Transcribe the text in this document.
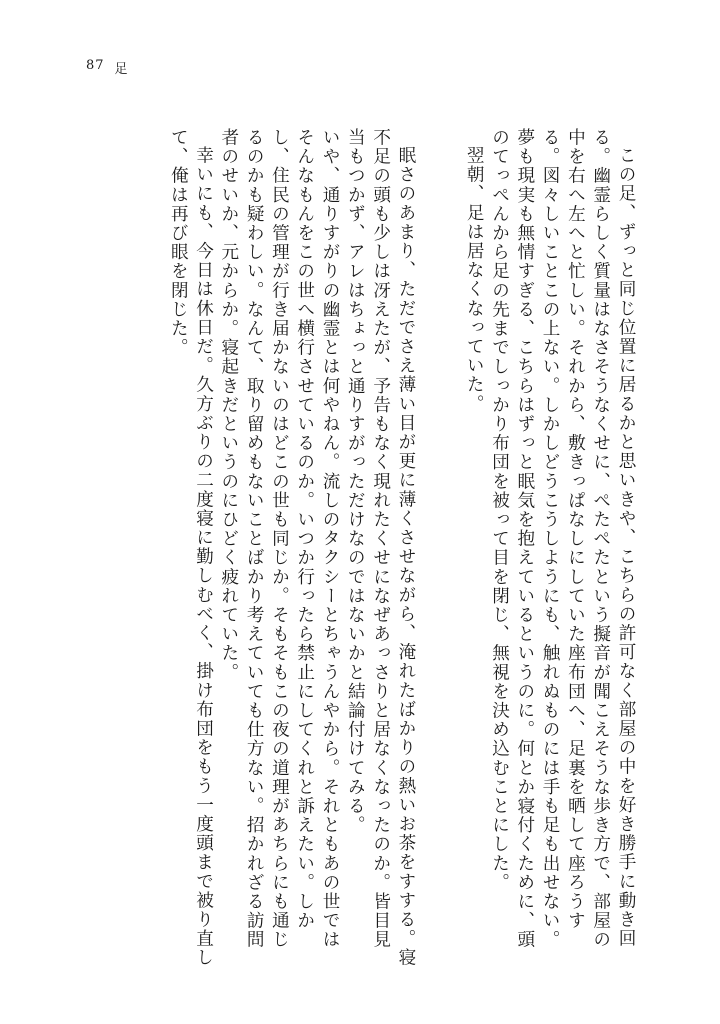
87 足

この足、ずっと同じ位置に居るかと思いきや、こちらの許可なく部屋の中を好き勝手に動き回る。幽霊らしく質量はなさそうなくせに、ぺたぺたという擬音が聞こえそうな歩き方で、部屋の中を右へ左へと忙しい。それから、敷きっぱなしにしていた座布団へ、足裏を晒して座ろうする。図々しいことこの上ない。しかしどうこうしようにも、触れぬものには手も足も出せない。夢も現実も無情すぎる、こちらはずっと眠気を抱えているというのに。何とか寝付くために、頭のてっぺんから足の先までしっかり布団を被って目を閉じ、無視を決め込むことにした。

翌朝、足は居なくなっていた。

眠さのあまり、ただでさえ薄い目が更に薄くさせながら、淹れたばかりの熱いお茶をすする。寝不足の頭も少しは冴えたが、予告もなく現れたくせになぜあっさりと居なくなったのか。皆目見当もつかず、アレはちょっと通りすがっただけなのではないかと結論付けてみる。

いや、通りすがりの幽霊とは何やねん。流しのタクシーとちゃうんやから。それともあの世ではそんなもんをこの世へ横行させているのか。いつか行ったら禁止にしてくれと訴えたい。しかし、住民の管理が行き届かないのはどこの世も同じか。そもそもこの夜の道理があちらにも通じるのかも疑わしい。なんて、取り留めもないことばかり考えていても仕方ない。招かれざる訪問者のせいか、元からか。寝起きだというのにひどく疲れていた。

幸いにも、今日は休日だ。久方ぶりの二度寝に勤しむべく、掛け布団をもう一度頭まで被り直して、俺は再び眼を閉じた。
